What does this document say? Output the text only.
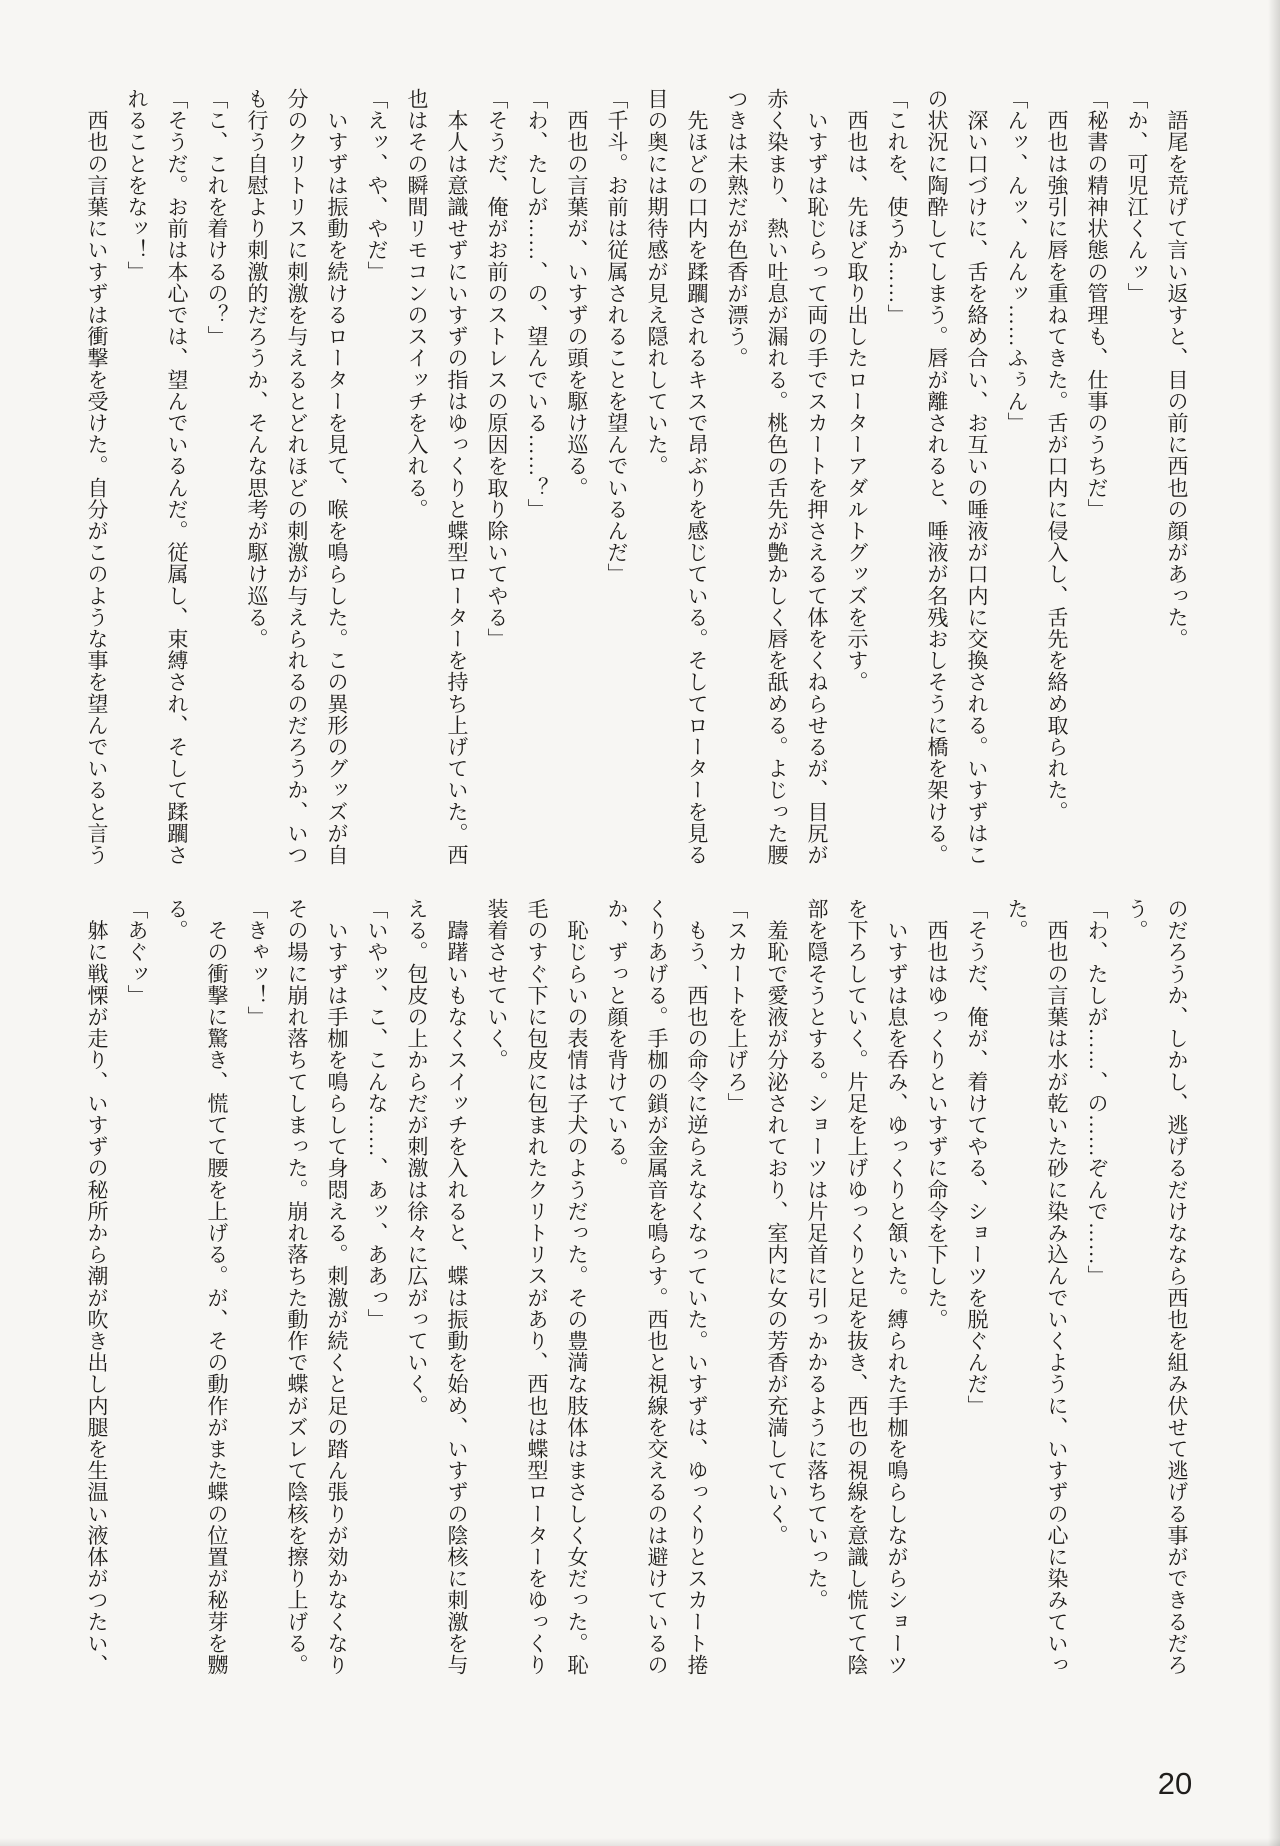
　語尾を荒げて言い返すと、目の前に西也の顔があった。

「か、可児江くんッ」

「秘書の精神状態の管理も、仕事のうちだ」

　西也は強引に唇を重ねてきた。舌が口内に侵入し、舌先を絡め取られた。

「んッ、んッ、んんッ……ふぅん」

　深い口づけに、舌を絡め合い、お互いの唾液が口内に交換される。いすずはこ

の状況に陶酔してしまう。唇が離されると、唾液が名残おしそうに橋を架ける。

「これを、使うか……」

　西也は、先ほど取り出したローターアダルトグッズを示す。

　いすずは恥じらって両の手でスカートを押さえるて体をくねらせるが、目尻が

赤く染まり、熱い吐息が漏れる。桃色の舌先が艶かしく唇を舐める。よじった腰

つきは未熟だが色香が漂う。

　先ほどの口内を蹂躙されるキスで昂ぶりを感じている。そしてローターを見る

目の奥には期待感が見え隠れしていた。

「千斗。お前は従属されることを望んでいるんだ」

　西也の言葉が、いすずの頭を駆け巡る。

「わ、たしが……、の、望んでいる……？」

「そうだ、俺がお前のストレスの原因を取り除いてやる」

　本人は意識せずにいすずの指はゆっくりと蝶型ローターを持ち上げていた。西

也はその瞬間リモコンのスイッチを入れる。

「えッ、や、やだ」

　いすずは振動を続けるローターを見て、喉を鳴らした。この異形のグッズが自

分のクリトリスに刺激を与えるとどれほどの刺激が与えられるのだろうか、いつ

も行う自慰より刺激的だろうか、そんな思考が駆け巡る。

「こ、これを着けるの？」

「そうだ。お前は本心では、望んでいるんだ。従属し、束縛され、そして蹂躙さ

れることをなッ！」

　西也の言葉にいすずは衝撃を受けた。自分がこのような事を望んでいると言う

のだろうか、しかし、逃げるだけななら西也を組み伏せて逃げる事ができるだろ

う。

「わ、たしが……、の……ぞんで……」

　西也の言葉は水が乾いた砂に染み込んでいくように、いすずの心に染みていっ

た。

「そうだ、俺が、着けてやる、ショーツを脱ぐんだ」

　西也はゆっくりといすずに命令を下した。

　いすずは息を呑み、ゆっくりと頷いた。縛られた手枷を鳴らしながらショーツ

を下ろしていく。片足を上げゆっくりと足を抜き、西也の視線を意識し慌てて陰

部を隠そうとする。ショーツは片足首に引っかかるように落ちていった。

　羞恥で愛液が分泌されており、室内に女の芳香が充満していく。

「スカートを上げろ」

　もう、西也の命令に逆らえなくなっていた。いすずは、ゆっくりとスカート捲

くりあげる。手枷の鎖が金属音を鳴らす。西也と視線を交えるのは避けているの

か、ずっと顔を背けている。

　恥じらいの表情は子犬のようだった。その豊満な肢体はまさしく女だった。恥

毛のすぐ下に包皮に包まれたクリトリスがあり、西也は蝶型ローターをゆっくり

装着させていく。

　躊躇いもなくスイッチを入れると、蝶は振動を始め、いすずの陰核に刺激を与

える。包皮の上からだが刺激は徐々に広がっていく。

「いやッ、こ、こんな……、あッ、ああっ」

　いすずは手枷を鳴らして身悶える。刺激が続くと足の踏ん張りが効かなくなり

その場に崩れ落ちてしまった。崩れ落ちた動作で蝶がズレて陰核を擦り上げる。

「きゃッ！」

　その衝撃に驚き、慌てて腰を上げる。が、その動作がまた蝶の位置が秘芽を嬲

る。

「あぐッ」

　躰に戦慄が走り、いすずの秘所から潮が吹き出し内腿を生温い液体がつたい、

20
